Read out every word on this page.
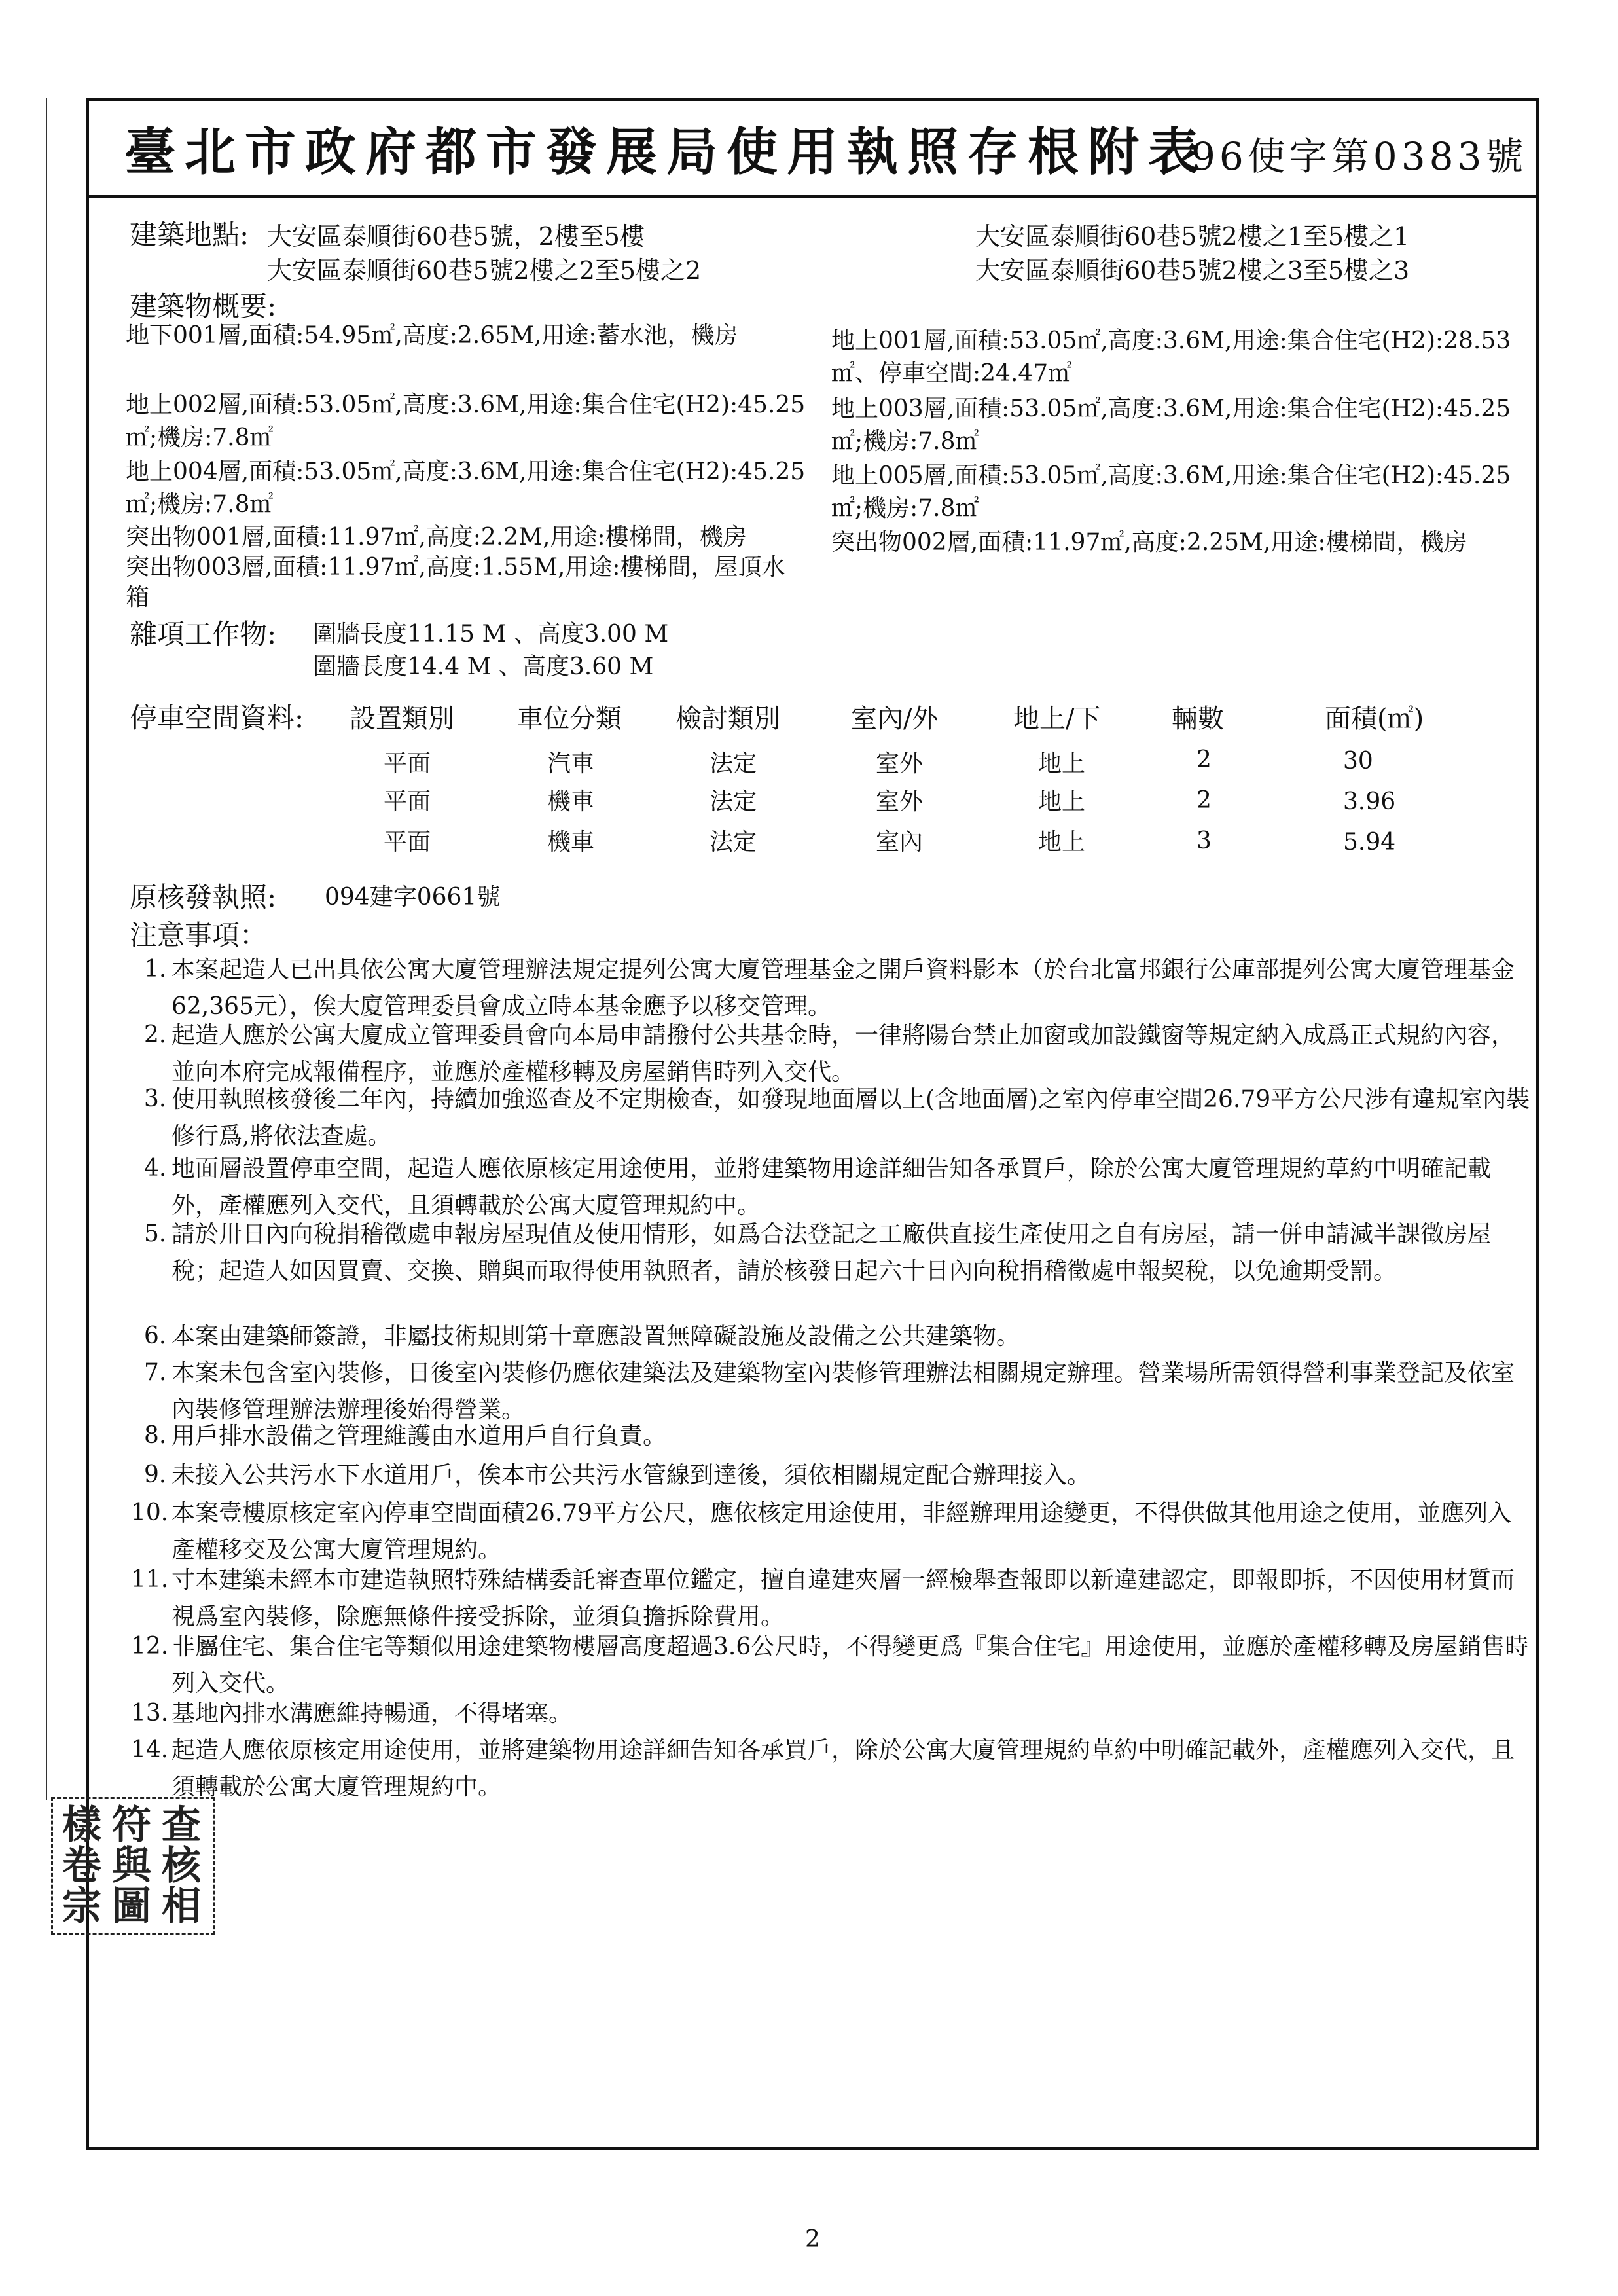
臺北市政府都市發展局使用執照存根附表
96使字第0383號
建築地點: 大安區泰順街60巷5號，2樓至5樓
大安區泰順街60巷5號2樓之2至5樓之2
大安區泰順街60巷5號2樓之1至5樓之1
大安區泰順街60巷5號2樓之3至5樓之3
建築物概要:
地下001層,面積:54.95㎡,高度:2.65M,用途:蓄水池，機房	地上001層,面積:53.05㎡,高度:3.6M,用途:集合住宅(H2):28.53
㎡、停車空間:24.47㎡
地上002層,面積:53.05㎡,高度:3.6M,用途:集合住宅(H2):45.25
㎡;機房:7.8㎡
地上003層,面積:53.05㎡,高度:3.6M,用途:集合住宅(H2):45.25
㎡;機房:7.8㎡
地上004層,面積:53.05㎡,高度:3.6M,用途:集合住宅(H2):45.25
㎡;機房:7.8㎡
地上005層,面積:53.05㎡,高度:3.6M,用途:集合住宅(H2):45.25
㎡;機房:7.8㎡
突出物001層,面積:11.97㎡,高度:2.2M,用途:樓梯間，機房	突出物002層,面積:11.97㎡,高度:2.25M,用途:樓梯間，機房
突出物003層,面積:11.97㎡,高度:1.55M,用途:樓梯間，屋頂水
箱
雜項工作物: 圍牆長度11.15 M 、高度3.00 M
圍牆長度14.4 M 、高度3.60 M
停車空間資料: 設置類別 車位分類 檢討類別	室內/外	地上/下	輛數	面積(㎡)
平面	汽車	法定	室外	地上	2	30
平面	機車	法定	室外	地上	2	3.96
平面	機車	法定	室內	地上	3	5.94
原核發執照: 094建字0661號
注意事項：
1. 本案起造人已出具依公寓大廈管理辦法規定提列公寓大廈管理基金之開戶資料影本（於台北富邦銀行公庫部提列公寓大廈管理基金62,365元），俟大廈管理委員會成立時本基金應予以移交管理。
2. 起造人應於公寓大廈成立管理委員會向本局申請撥付公共基金時，一律將陽台禁止加窗或加設鐵窗等規定納入成爲正式規約內容，並向本府完成報備程序，並應於產權移轉及房屋銷售時列入交代。
3. 使用執照核發後二年內，持續加強巡查及不定期檢查，如發現地面層以上(含地面層)之室內停車空間26.79平方公尺涉有違規室內裝修行爲,將依法查處。
4. 地面層設置停車空間，起造人應依原核定用途使用，並將建築物用途詳細告知各承買戶，除於公寓大廈管理規約草約中明確記載外，產權應列入交代，且須轉載於公寓大廈管理規約中。
5. 請於卅日內向稅捐稽徵處申報房屋現值及使用情形，如爲合法登記之工廠供直接生產使用之自有房屋，請一併申請減半課徵房屋稅；起造人如因買賣、交換、贈與而取得使用執照者，請於核發日起六十日內向稅捐稽徵處申報契稅，以免逾期受罰。
6. 本案由建築師簽證，非屬技術規則第十章應設置無障礙設施及設備之公共建築物。
7. 本案未包含室內裝修，日後室內裝修仍應依建築法及建築物室內裝修管理辦法相關規定辦理。營業場所需領得營利事業登記及依室內裝修管理辦法辦理後始得營業。
8. 用戶排水設備之管理維護由水道用戶自行負責。
9. 未接入公共污水下水道用戶，俟本市公共污水管線到達後，須依相關規定配合辦理接入。
10. 本案壹樓原核定室內停車空間面積26.79平方公尺，應依核定用途使用，非經辦理用途變更，不得供做其他用途之使用，並應列入產權移交及公寓大廈管理規約。
11. 寸本建築未經本市建造執照特殊結構委託審查單位鑑定，擅自違建夾層一經檢舉查報即以新違建認定，即報即拆，不因使用材質而視爲室內裝修，除應無條件接受拆除，並須負擔拆除費用。
12. 非屬住宅、集合住宅等類似用途建築物樓層高度超過3.6公尺時，不得變更爲『集合住宅』用途使用，並應於產權移轉及房屋銷售時列入交代。
13. 基地內排水溝應維持暢通，不得堵塞。
14. 起造人應依原核定用途使用，並將建築物用途詳細告知各承買戶，除於公寓大廈管理規約草約中明確記載外，產權應列入交代，且須轉載於公寓大廈管理規約中。
查
核
相
符
與
圖
樣
卷
宗
2
